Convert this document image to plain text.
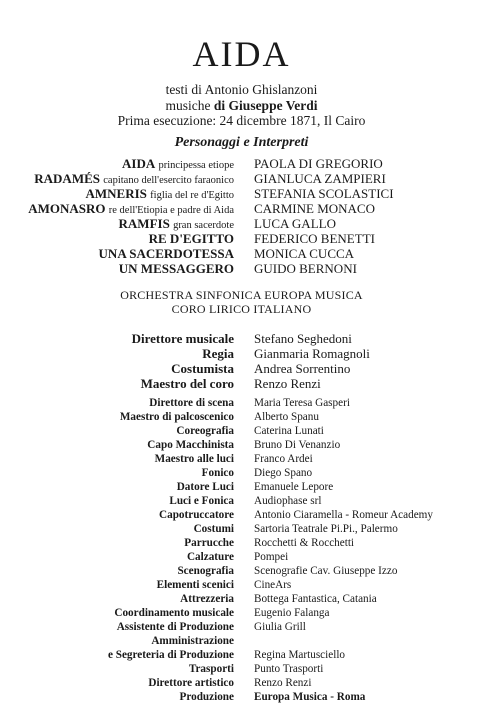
AIDA
testi di Antonio Ghislanzoni
musiche di Giuseppe Verdi
Prima esecuzione: 24 dicembre 1871, Il Cairo
Personaggi e Interpreti
AIDA principessa etiope PAOLA DI GREGORIO
RADAMÉS capitano dell'esercito faraonico GIANLUCA ZAMPIERI
AMNERIS figlia del re d'Egitto STEFANIA SCOLASTICI
AMONASRO re dell'Etiopia e padre di Aida CARMINE MONACO
RAMFIS gran sacerdote LUCA GALLO
RE D'EGITTO FEDERICO BENETTI
UNA SACERDOTESSA MONICA CUCCA
UN MESSAGGERO GUIDO BERNONI
ORCHESTRA SINFONICA EUROPA MUSICA
CORO LIRICO ITALIANO
Direttore musicale Stefano Seghedoni
Regia Gianmaria Romagnoli
Costumista Andrea Sorrentino
Maestro del coro Renzo Renzi
Direttore di scena Maria Teresa Gasperi
Maestro di palcoscenico Alberto Spanu
Coreografia Caterina Lunati
Capo Macchinista Bruno Di Venanzio
Maestro alle luci Franco Ardei
Fonico Diego Spano
Datore Luci Emanuele Lepore
Luci e Fonica Audiophase srl
Capotruccatore Antonio Ciaramella - Romeur Academy
Costumi Sartoria Teatrale Pi.Pi., Palermo
Parrucche Rocchetti & Rocchetti
Calzature Pompei
Scenografia Scenografie Cav. Giuseppe Izzo
Elementi scenici CineArs
Attrezzeria Bottega Fantastica, Catania
Coordinamento musicale Eugenio Falanga
Assistente di Produzione Giulia Grill
Amministrazione
e Segreteria di Produzione Regina Martusciello
Trasporti Punto Trasporti
Direttore artistico Renzo Renzi
Produzione Europa Musica - Roma
